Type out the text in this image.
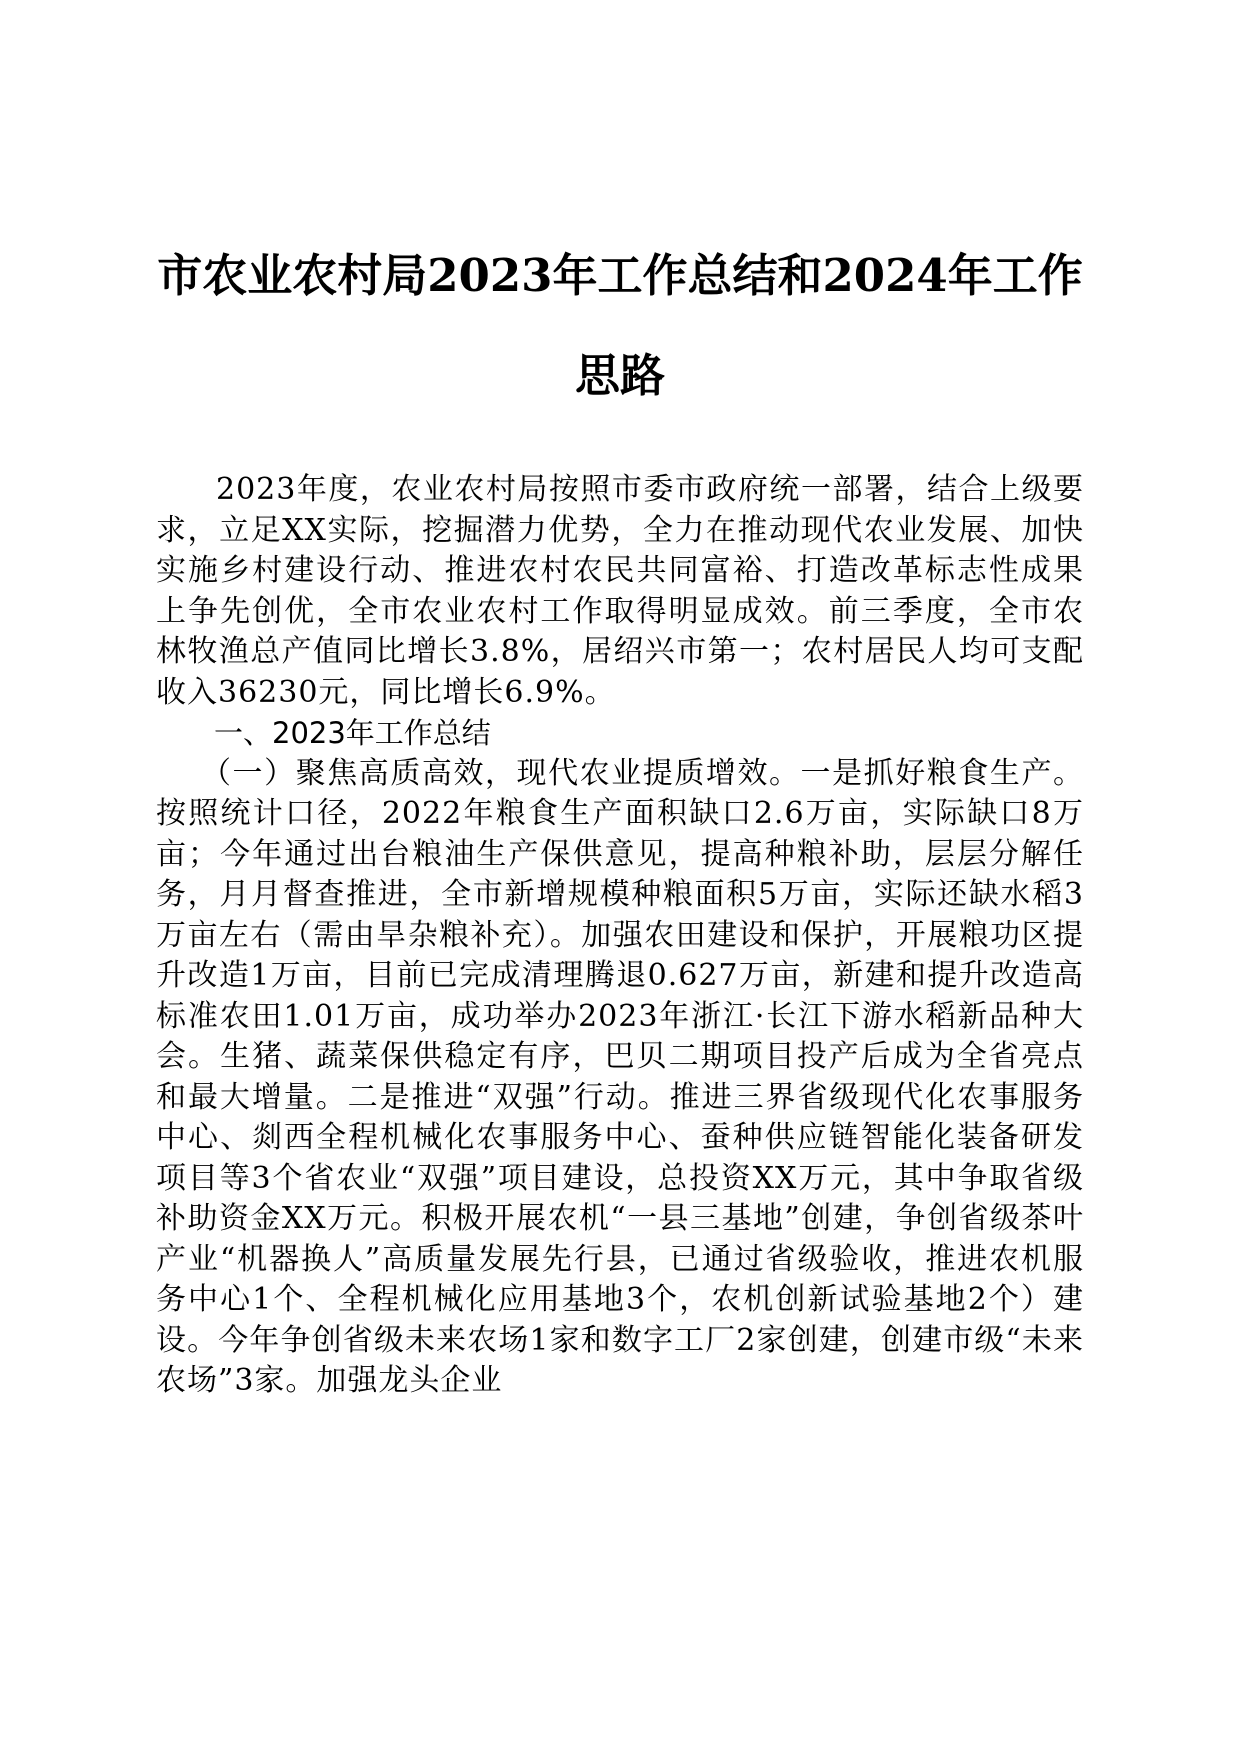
市农业农村局2023年工作总结和2024年工作思路

2023年度，农业农村局按照市委市政府统一部署，结合上级要求，立足XX实际，挖掘潜力优势，全力在推动现代农业发展、加快实施乡村建设行动、推进农村农民共同富裕、打造改革标志性成果上争先创优，全市农业农村工作取得明显成效。前三季度，全市农林牧渔总产值同比增长3.8%，居绍兴市第一；农村居民人均可支配收入36230元，同比增长6.9%。

一、2023年工作总结

（一）聚焦高质高效，现代农业提质增效。一是抓好粮食生产。按照统计口径，2022年粮食生产面积缺口2.6万亩，实际缺口8万亩；今年通过出台粮油生产保供意见，提高种粮补助，层层分解任务，月月督查推进，全市新增规模种粮面积5万亩，实际还缺水稻3万亩左右（需由旱杂粮补充）。加强农田建设和保护，开展粮功区提升改造1万亩，目前已完成清理腾退0.627万亩，新建和提升改造高标准农田1.01万亩，成功举办2023年浙江·长江下游水稻新品种大会。生猪、蔬菜保供稳定有序，巴贝二期项目投产后成为全省亮点和最大增量。二是推进“双强”行动。推进三界省级现代化农事服务中心、剡西全程机械化农事服务中心、蚕种供应链智能化装备研发项目等3个省农业“双强”项目建设，总投资XX万元，其中争取省级补助资金XX万元。积极开展农机“一县三基地”创建，争创省级茶叶产业“机器换人”高质量发展先行县，已通过省级验收，推进农机服务中心1个、全程机械化应用基地3个，农机创新试验基地2个）建设。今年争创省级未来农场1家和数字工厂2家创建，创建市级“未来农场”3家。加强龙头企业
